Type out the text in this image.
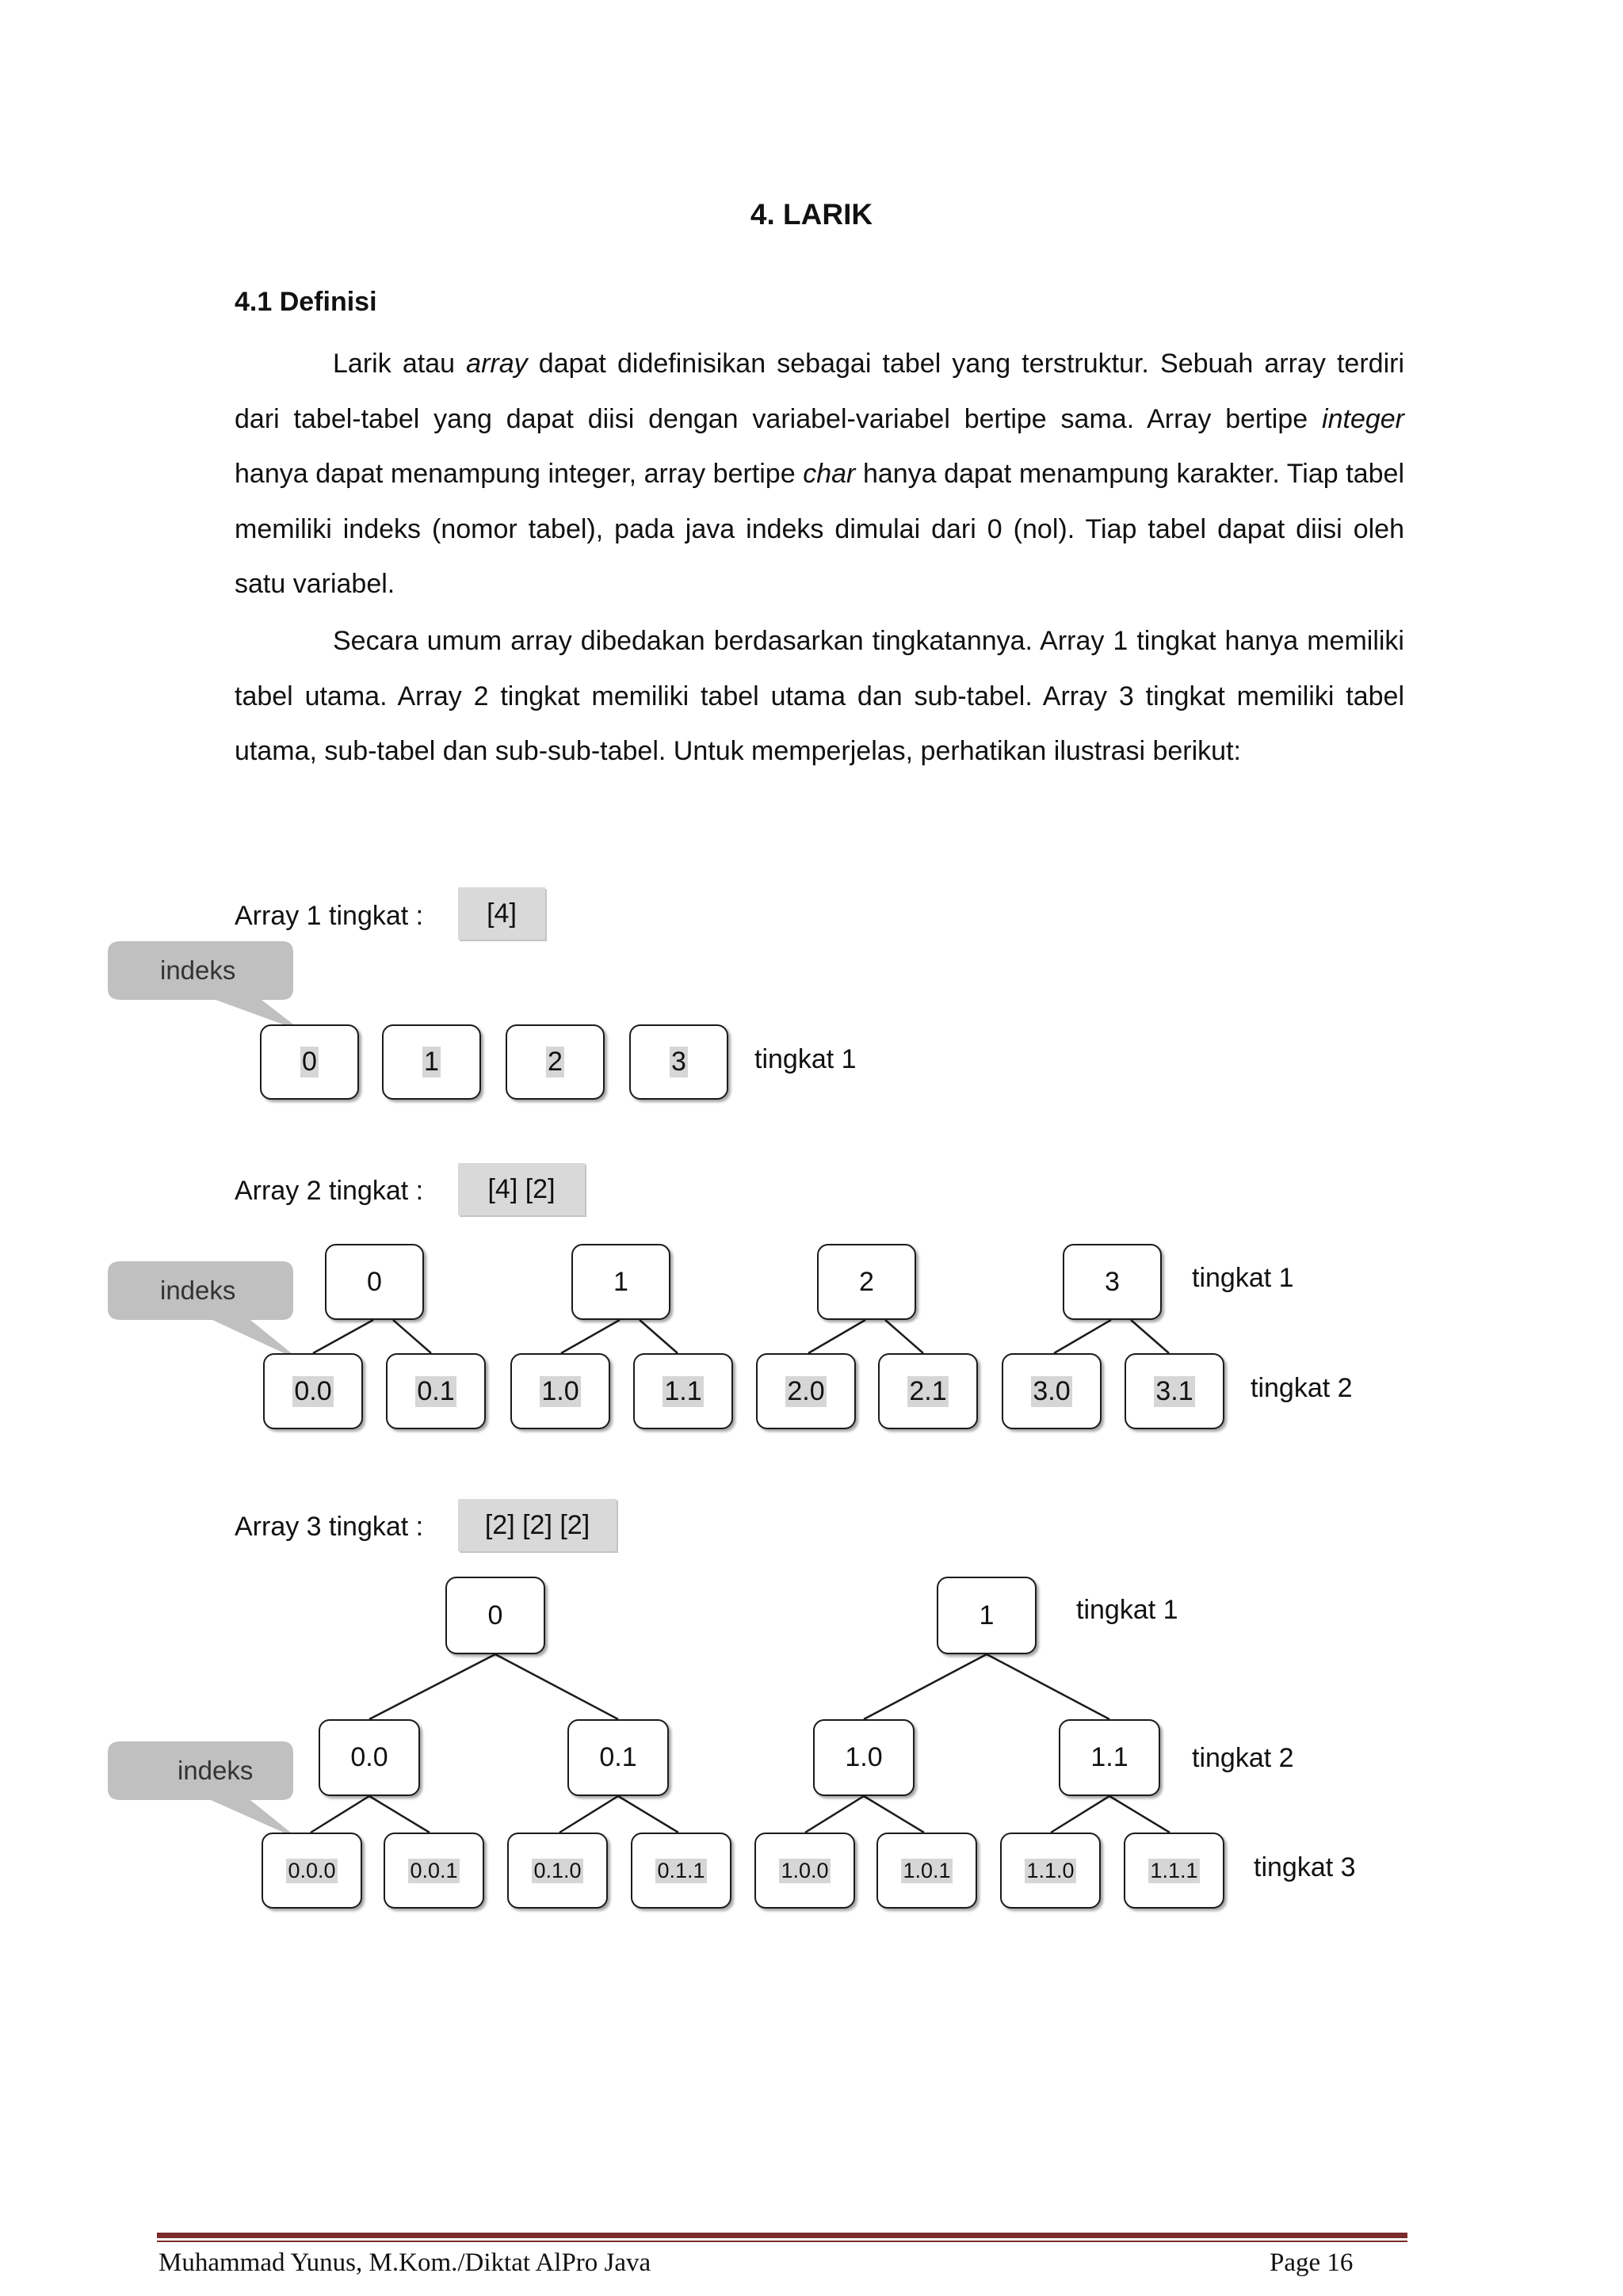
4. LARIK
4.1 Definisi

Larik atau array dapat didefinisikan sebagai tabel yang terstruktur. Sebuah array terdiri dari tabel-tabel yang dapat diisi dengan variabel-variabel bertipe sama. Array bertipe integer hanya dapat menampung integer, array bertipe char hanya dapat menampung karakter. Tiap tabel memiliki indeks (nomor tabel), pada java indeks dimulai dari 0 (nol). Tiap tabel dapat diisi oleh satu variabel.

Secara umum array dibedakan berdasarkan tingkatannya. Array 1 tingkat hanya memiliki tabel utama. Array 2 tingkat memiliki tabel utama dan sub-tabel. Array 3 tingkat memiliki tabel utama, sub-tabel dan sub-sub-tabel. Untuk memperjelas, perhatikan ilustrasi berikut:

indeks
indeks
indeks
Array 1 tingkat :	[4]
0	1	2	3	tingkat 1
Array 2 tingkat :	[4] [2]
0	1	2	3	tingkat 1
0.0	0.1	1.0	1.1	2.0	2.1	3.0	3.1 tingkat 2
Array 3 tingkat :	[2] [2] [2]
0	1	tingkat 1
0.0	0.1	1.0	1.1 tingkat 2
0.0.0	0.0.1	0.1.0	0.1.1	1.0.0	1.0.1	1.1.0	1.1.1 tingkat 3
Muhammad Yunus, M.Kom./Diktat AlPro Java	Page 16
